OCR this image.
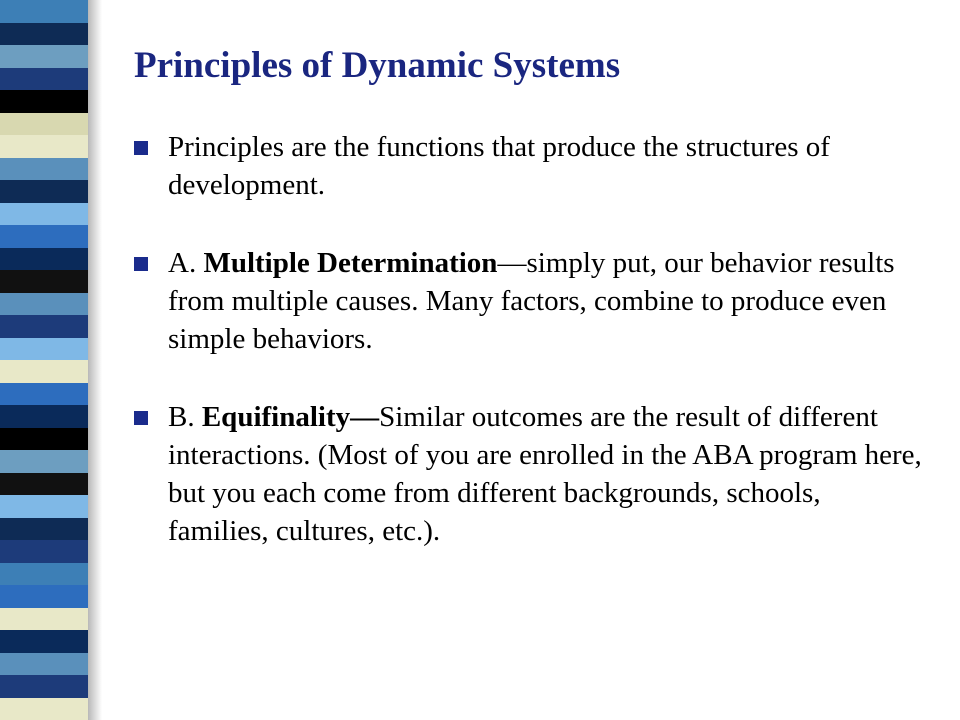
Principles of Dynamic Systems
Principles are the functions that produce the structures of development.
A. Multiple Determination—simply put, our behavior results from multiple causes. Many factors, combine to produce even simple behaviors.
B. Equifinality—Similar outcomes are the result of different interactions. (Most of you are enrolled in the ABA program here, but you each come from different backgrounds, schools, families, cultures, etc.).
